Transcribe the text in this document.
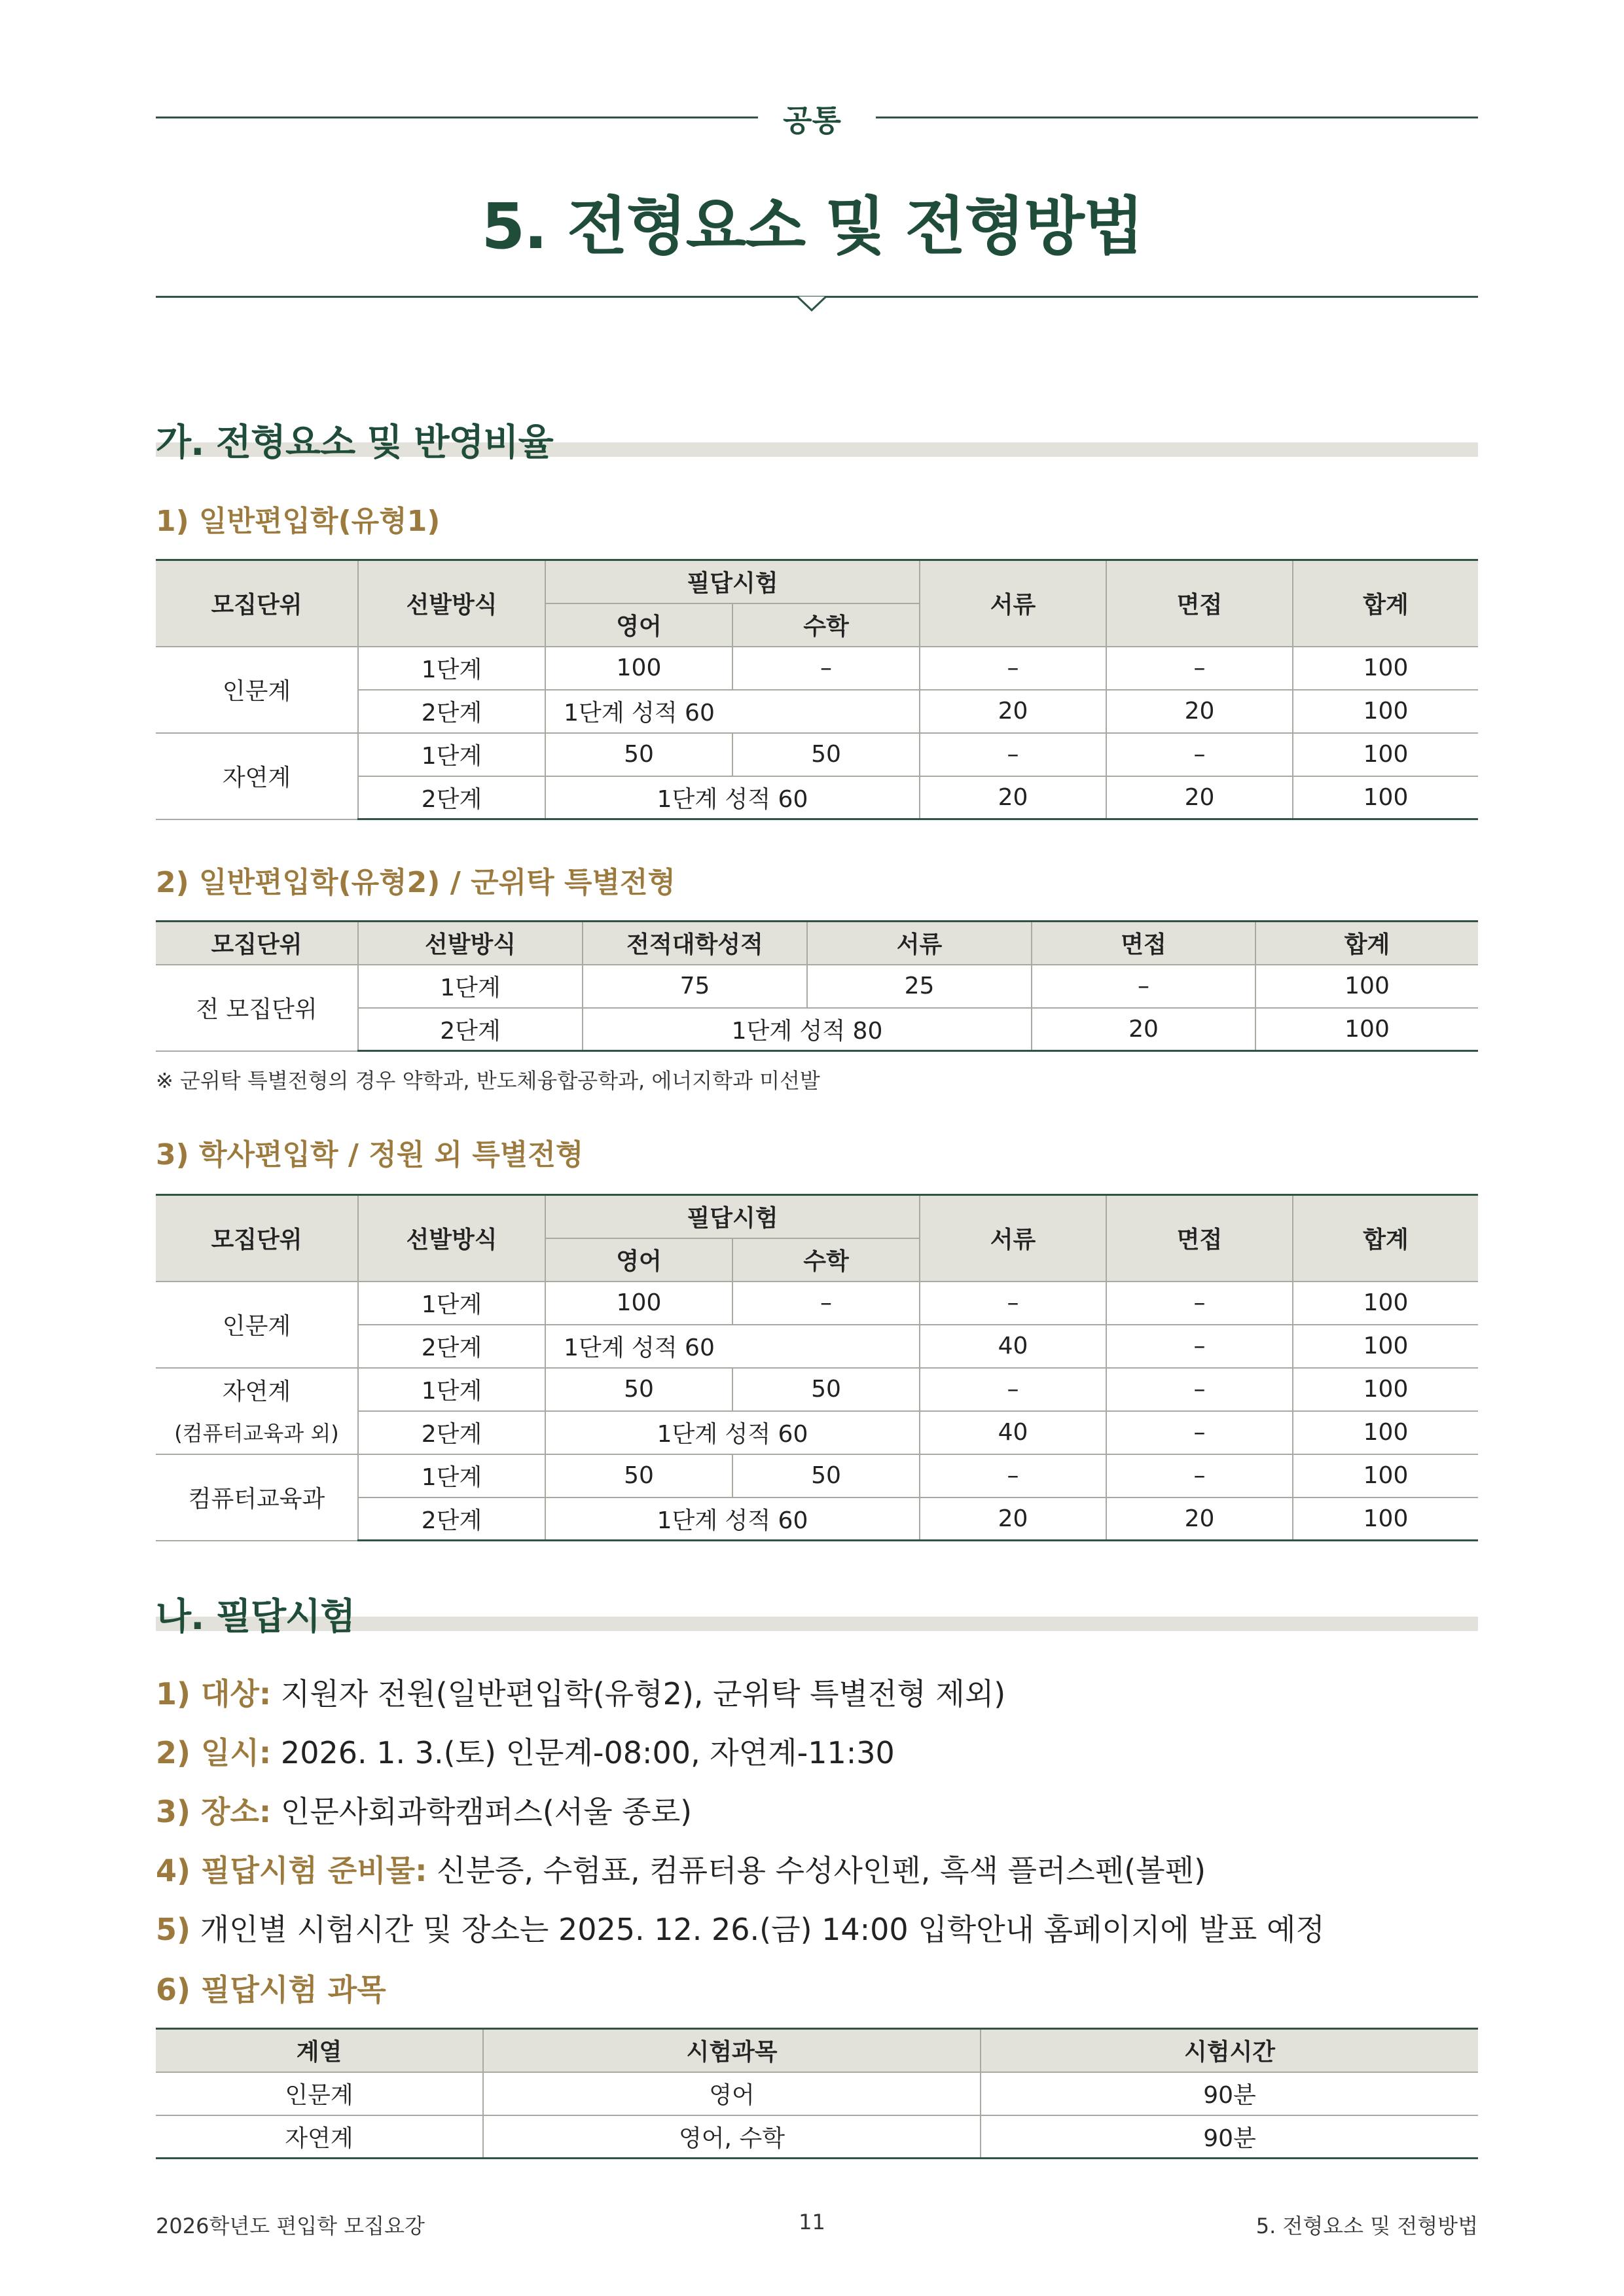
공통
5. 전형요소 및 전형방법
가. 전형요소 및 반영비율
1) 일반편입학(유형1)
모집단위	선발방식	필답시험		서류	면접	합계
		영어	수학			
인문계	1단계	100	–	–	–	100
	2단계	1단계 성적 60		20	20	100
자연계	1단계	50	50	–	–	100
	2단계	1단계 성적 60		20	20	100
2) 일반편입학(유형2) / 군위탁 특별전형
모집단위	선발방식	전적대학성적	서류	면접	합계
전 모집단위	1단계	75	25	–	100
	2단계	1단계 성적 80		20	100
※ 군위탁 특별전형의 경우 약학과, 반도체융합공학과, 에너지학과 미선발
3) 학사편입학 / 정원 외 특별전형
모집단위	선발방식	필답시험		서류	면접	합계
		영어	수학			
인문계	1단계	100	–	–	–	100
	2단계	1단계 성적 60		40	–	100
자연계	1단계	50	50	–	–	100
(컴퓨터교육과 외)	2단계	1단계 성적 60		40	–	100
컴퓨터교육과	1단계	50	50	–	–	100
	2단계	1단계 성적 60		20	20	100
나. 필답시험
1) 대상: 지원자 전원(일반편입학(유형2), 군위탁 특별전형 제외)
2) 일시: 2026. 1. 3.(토) 인문계-08:00, 자연계-11:30
3) 장소: 인문사회과학캠퍼스(서울 종로)
4) 필답시험 준비물: 신분증, 수험표, 컴퓨터용 수성사인펜, 흑색 플러스펜(볼펜)
5) 개인별 시험시간 및 장소는 2025. 12. 26.(금) 14:00 입학안내 홈페이지에 발표 예정
6) 필답시험 과목
계열	시험과목	시험시간
인문계	영어	90분
자연계	영어, 수학	90분
2026학년도 편입학 모집요강	11	5. 전형요소 및 전형방법
